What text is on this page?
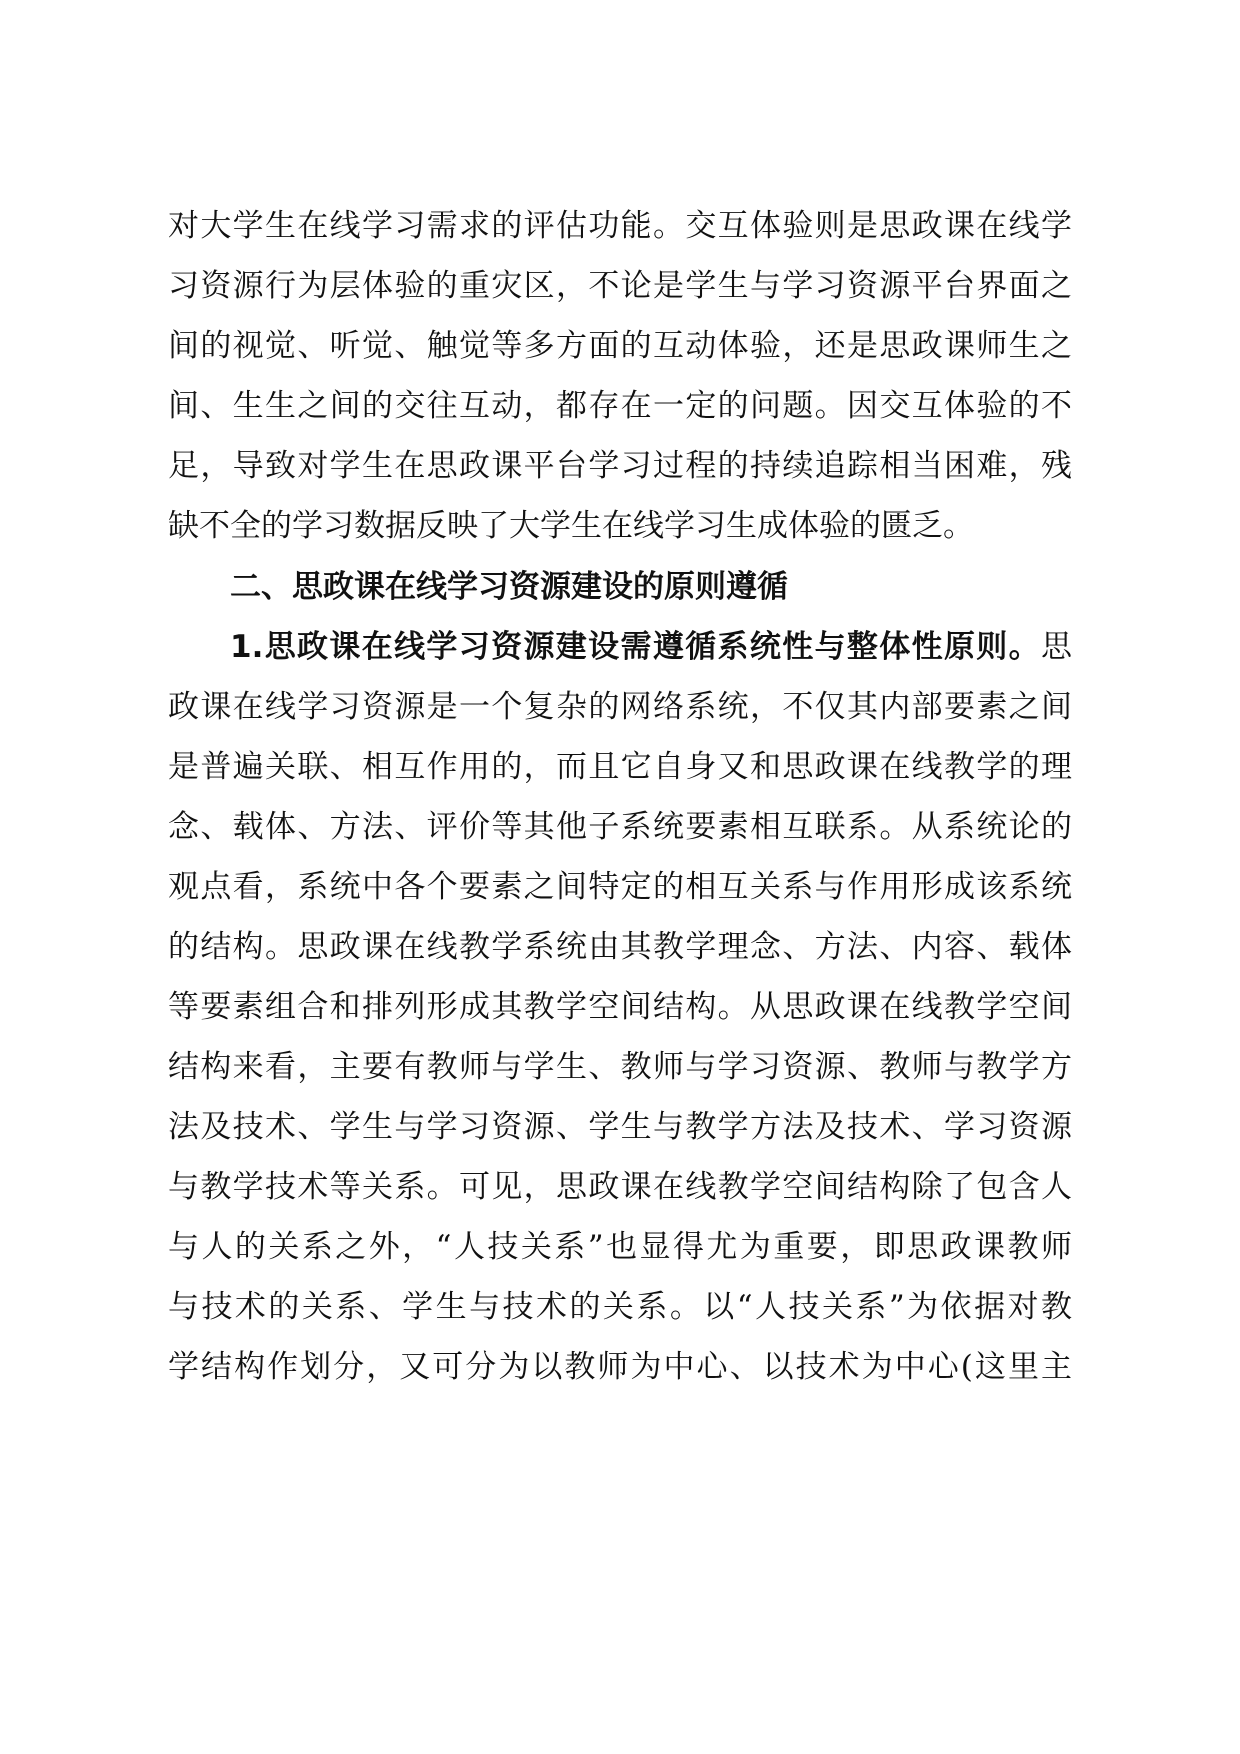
对大学生在线学习需求的评估功能。交互体验则是思政课在线学
习资源行为层体验的重灾区，不论是学生与学习资源平台界面之
间的视觉、听觉、触觉等多方面的互动体验，还是思政课师生之
间、生生之间的交往互动，都存在一定的问题。因交互体验的不
足，导致对学生在思政课平台学习过程的持续追踪相当困难，残
缺不全的学习数据反映了大学生在线学习生成体验的匮乏。
二、思政课在线学习资源建设的原则遵循
1.思政课在线学习资源建设需遵循系统性与整体性原则。思
政课在线学习资源是一个复杂的网络系统，不仅其内部要素之间
是普遍关联、相互作用的，而且它自身又和思政课在线教学的理
念、载体、方法、评价等其他子系统要素相互联系。从系统论的
观点看，系统中各个要素之间特定的相互关系与作用形成该系统
的结构。思政课在线教学系统由其教学理念、方法、内容、载体
等要素组合和排列形成其教学空间结构。从思政课在线教学空间
结构来看，主要有教师与学生、教师与学习资源、教师与教学方
法及技术、学生与学习资源、学生与教学方法及技术、学习资源
与教学技术等关系。可见，思政课在线教学空间结构除了包含人
与人的关系之外，“人技关系”也显得尤为重要，即思政课教师
与技术的关系、学生与技术的关系。以“人技关系”为依据对教
学结构作划分，又可分为以教师为中心、以技术为中心(这里主
